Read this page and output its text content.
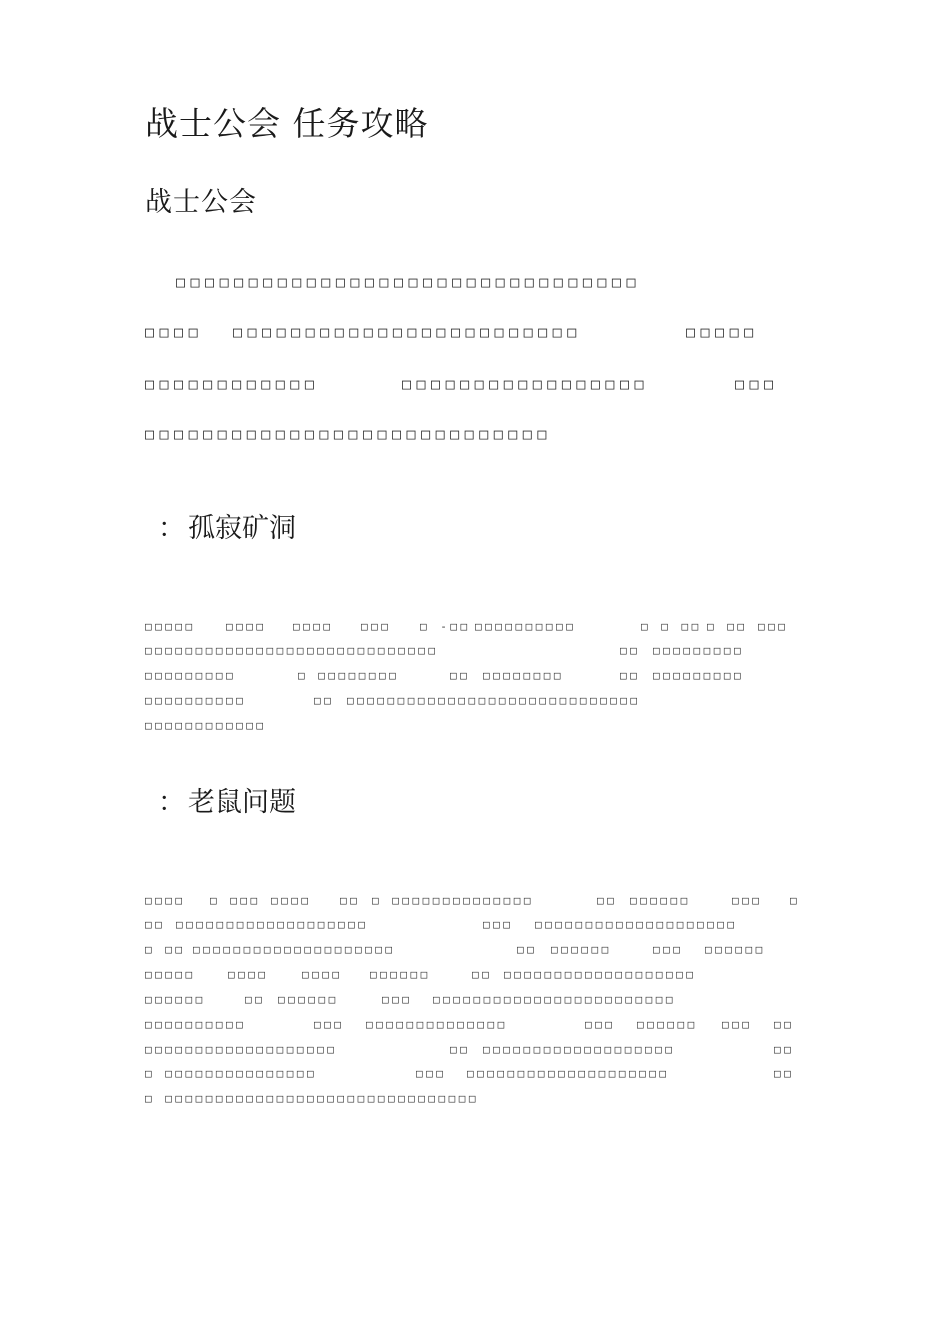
战士公会 任务攻略
战士公会
□□□□□□□□□□□□□□□□□□□□□□□□□□□□□□□□
□□□□ □□□□□□□□□□□□□□□□□□□□□□□□	□□□□□
□□□□□□□□□□□□	□□□□□□□□□□□□□□□□□	□□□
□□□□□□□□□□□□□□□□□□□□□□□□□□□□
： 孤寂矿洞
□□□□□	□□□□ □□□□	□□□	□ -□□ □□□□□□□□□□	□ □ □□ □ □□ □□□
□□□□□□□□□□□□□□□□□□□□□□□□□□□□□	□□ □□□□□□□□□
□□□□□□□□□	□ □□□□□□□□	□□ □□□□□□□□	□□ □□□□□□□□□
□□□□□□□□□□	□□ □□□□□□□□□□□□□□□□□□□□□□□□□□□□□
□□□□□□□□□□□□
： 老鼠问题
□□□□ □ □□□ □□□□	□□ □ □□□□□□□□□□□□□□	□□ □□□□□□	□□□	□
□□ □□□□□□□□□□□□□□□□□□□	□□□ □□□□□□□□□□□□□□□□□□□□
□ □□ □□□□□□□□□□□□□□□□□□□□	□□ □□□□□□	□□□ □□□□□□
□□□□□	□□□□	□□□□	□□□□□□	□□ □□□□□□□□□□□□□□□□□□□
□□□□□□	□□ □□□□□□	□□□ □□□□□□□□□□□□□□□□□□□□□□□□
□□□□□□□□□□	□□□ □□□□□□□□□□□□□□	□□□ □□□□□□ □□□ □□
□□□□□□□□□□□□□□□□□□□	□□ □□□□□□□□□□□□□□□□□□□	□□
□ □□□□□□□□□□□□□□□	□□□ □□□□□□□□□□□□□□□□□□□□	□□
□ □□□□□□□□□□□□□□□□□□□□□□□□□□□□□□□
